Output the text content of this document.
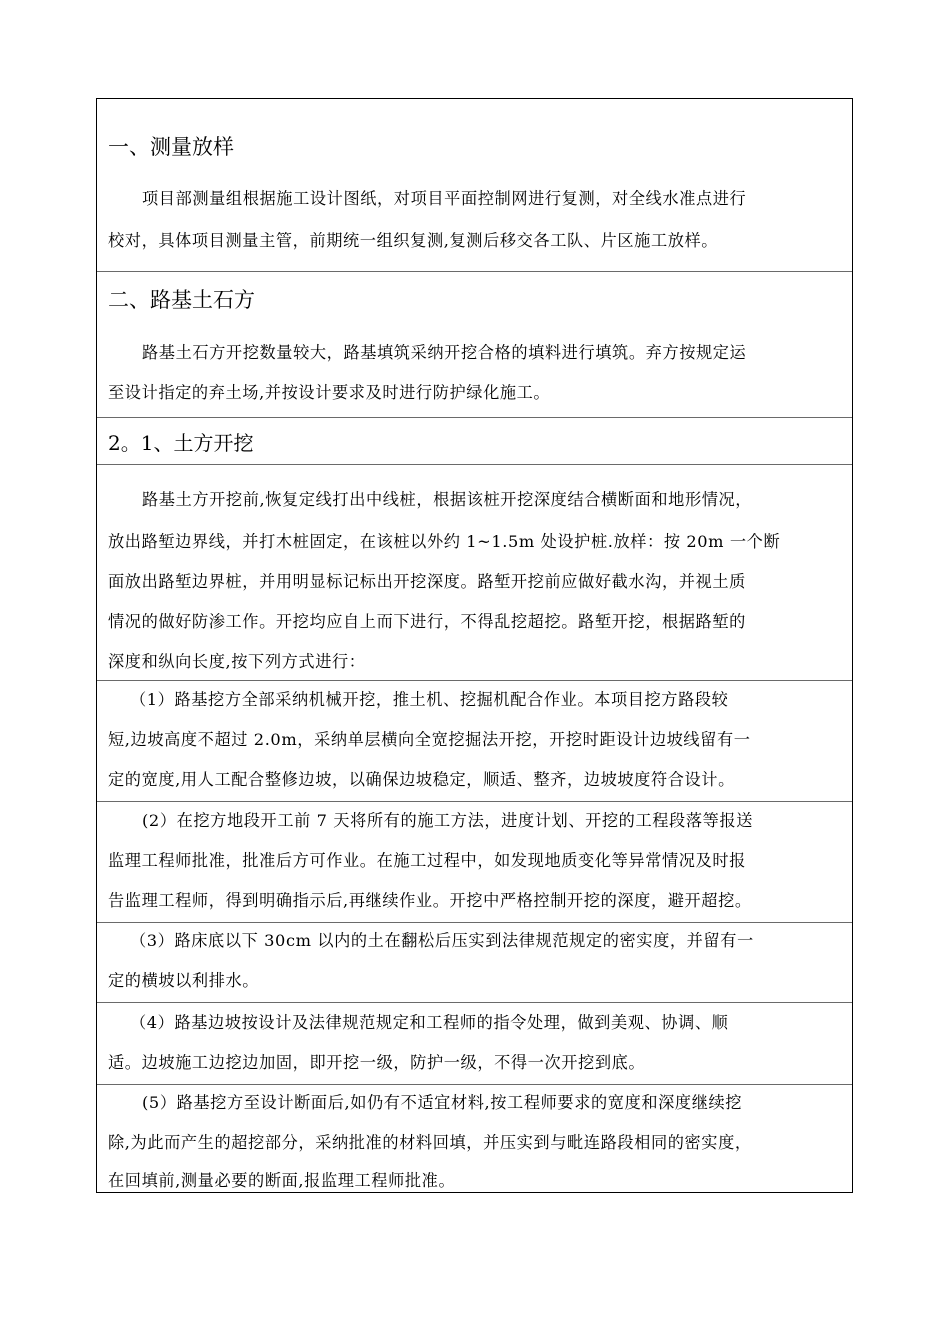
一、测量放样

项目部测量组根据施工设计图纸，对项目平面控制网进行复测，对全线水准点进行

校对，具体项目测量主管，前期统一组织复测,复测后移交各工队、片区施工放样。

二、路基土石方

路基土石方开挖数量较大，路基填筑采纳开挖合格的填料进行填筑。弃方按规定运

至设计指定的弃土场,并按设计要求及时进行防护绿化施工。

2。1、土方开挖

路基土方开挖前,恢复定线打出中线桩，根据该桩开挖深度结合横断面和地形情况，

放出路堑边界线，并打木桩固定，在该桩以外约 1~1.5m 处设护桩.放样：按 20m 一个断

面放出路堑边界桩，并用明显标记标出开挖深度。路堑开挖前应做好截水沟，并视土质

情况的做好防渗工作。开挖均应自上而下进行，不得乱挖超挖。路堑开挖，根据路堑的

深度和纵向长度,按下列方式进行：

（1）路基挖方全部采纳机械开挖，推土机、挖掘机配合作业。本项目挖方路段较

短,边坡高度不超过 2.0m，采纳单层横向全宽挖掘法开挖，开挖时距设计边坡线留有一

定的宽度,用人工配合整修边坡，以确保边坡稳定，顺适、整齐，边坡坡度符合设计。

(2）在挖方地段开工前 7 天将所有的施工方法，进度计划、开挖的工程段落等报送

监理工程师批准，批准后方可作业。在施工过程中，如发现地质变化等异常情况及时报

告监理工程师，得到明确指示后,再继续作业。开挖中严格控制开挖的深度，避开超挖。

（3）路床底以下 30cm 以内的土在翻松后压实到法律规范规定的密实度，并留有一

定的横坡以利排水。

（4）路基边坡按设计及法律规范规定和工程师的指令处理，做到美观、协调、顺

适。边坡施工边挖边加固，即开挖一级，防护一级，不得一次开挖到底。

(5）路基挖方至设计断面后,如仍有不适宜材料,按工程师要求的宽度和深度继续挖

除,为此而产生的超挖部分，采纳批准的材料回填，并压实到与毗连路段相同的密实度，

在回填前,测量必要的断面,报监理工程师批准。
